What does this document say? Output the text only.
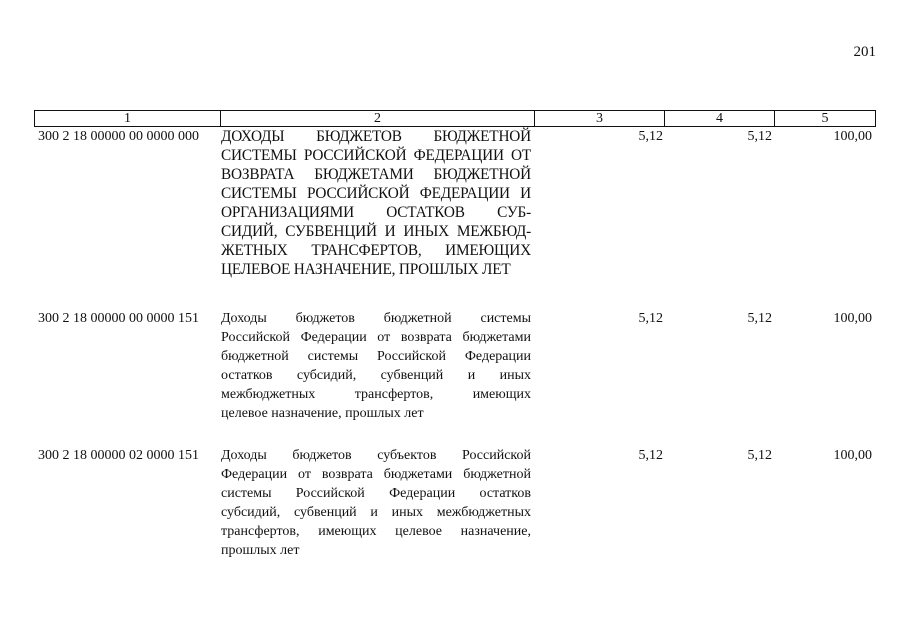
201
1	2	3	4	5
300 2 18 00000 00 0000 000 ДОХОДЫ БЮДЖЕТОВ БЮДЖЕТНОЙ
СИСТЕМЫ РОССИЙСКОЙ ФЕДЕРАЦИИ ОТ
ВОЗВРАТА БЮДЖЕТАМИ БЮДЖЕТНОЙ
СИСТЕМЫ РОССИЙСКОЙ ФЕДЕРАЦИИ И
ОРГАНИЗАЦИЯМИ ОСТАТКОВ СУБ-
СИДИЙ, СУБВЕНЦИЙ И ИНЫХ МЕЖБЮД-
ЖЕТНЫХ ТРАНСФЕРТОВ, ИМЕЮЩИХ
ЦЕЛЕВОЕ НАЗНАЧЕНИЕ, ПРОШЛЫХ ЛЕТ
5,12	5,12	100,00
300 2 18 00000 00 0000 151 Доходы бюджетов бюджетной системы
Российской Федерации от возврата бюджетами
бюджетной системы Российской Федерации
остатков субсидий, субвенций и иных
межбюджетных трансфертов, имеющих
целевое назначение, прошлых лет
5,12	5,12	100,00
300 2 18 00000 02 0000 151 Доходы бюджетов субъектов Российской
Федерации от возврата бюджетами бюджетной
системы Российской Федерации остатков
субсидий, субвенций и иных межбюджетных
трансфертов, имеющих целевое назначение,
прошлых лет
5,12	5,12	100,00
